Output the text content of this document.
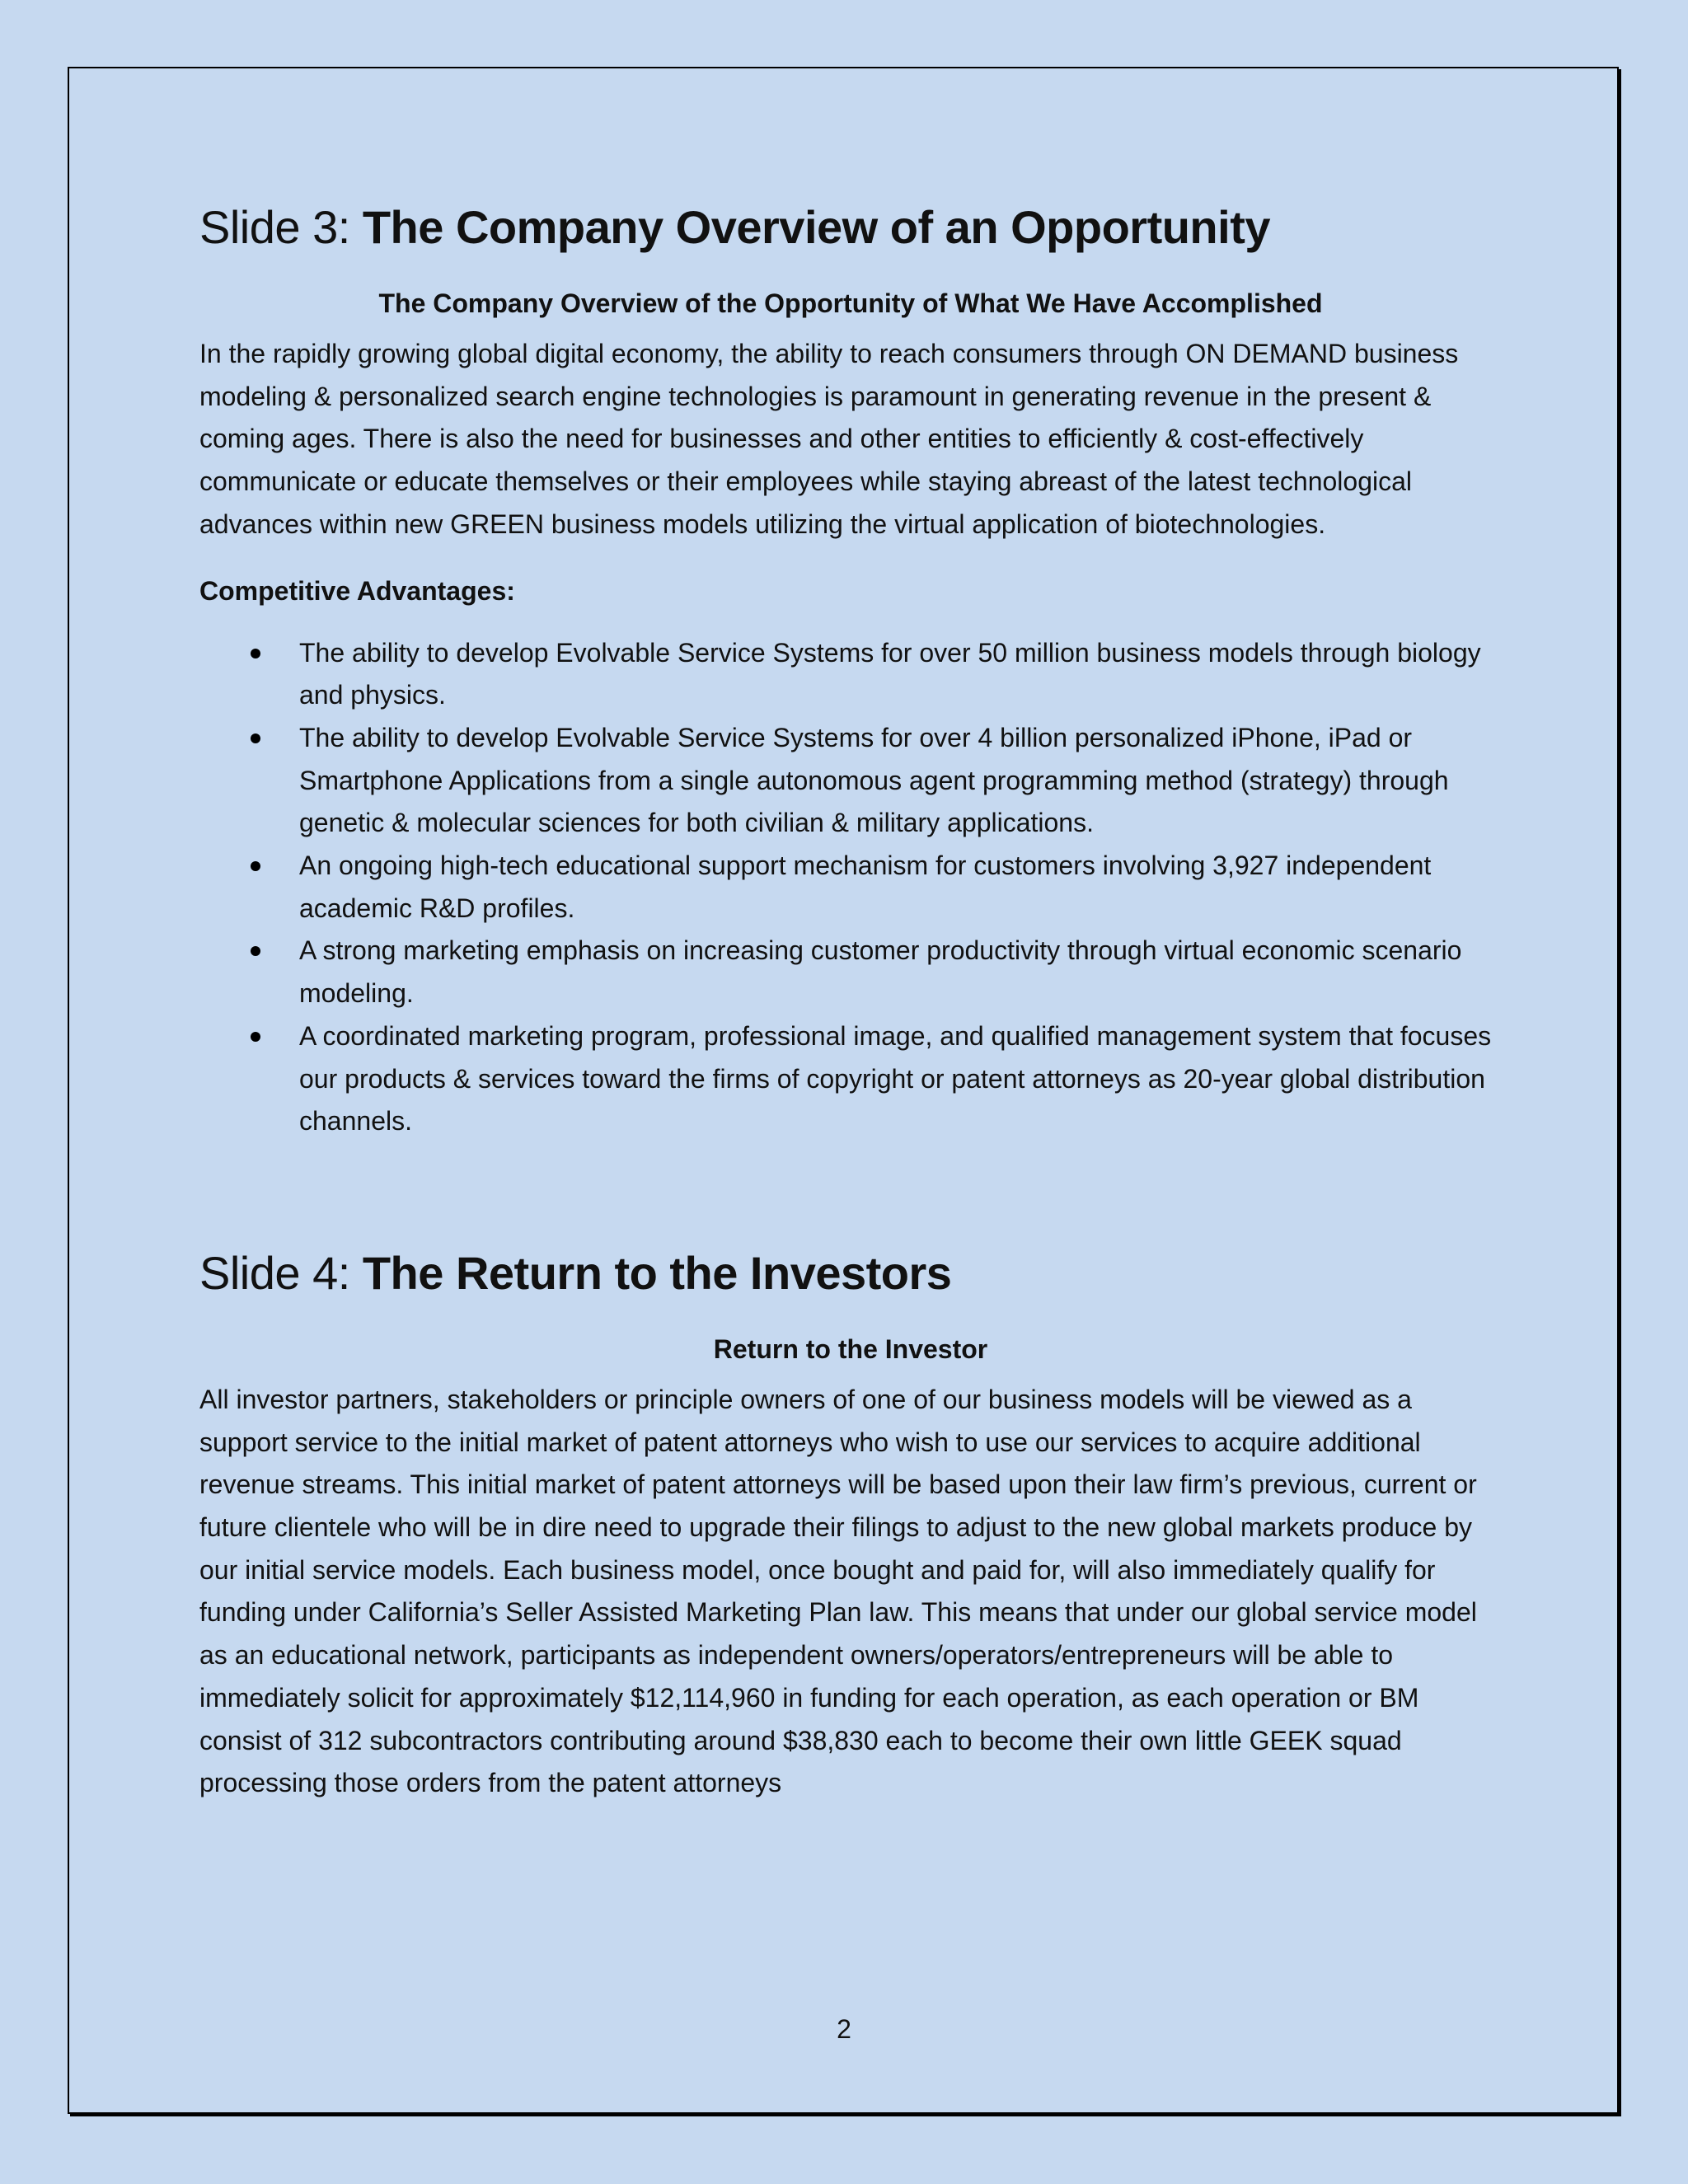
Slide 3: The Company Overview of an Opportunity
The Company Overview of the Opportunity of What We Have Accomplished

In the rapidly growing global digital economy, the ability to reach consumers through ON DEMAND business modeling & personalized search engine technologies is paramount in generating revenue in the present & coming ages. There is also the need for businesses and other entities to efficiently & cost-effectively communicate or educate themselves or their employees while staying abreast of the latest technological advances within new GREEN business models utilizing the virtual application of biotechnologies.

Competitive Advantages:
The ability to develop Evolvable Service Systems for over 50 million business models through biology and physics.
The ability to develop Evolvable Service Systems for over 4 billion personalized iPhone, iPad or Smartphone Applications from a single autonomous agent programming method (strategy) through genetic & molecular sciences for both civilian & military applications.
An ongoing high-tech educational support mechanism for customers involving 3,927 independent academic R&D profiles.
A strong marketing emphasis on increasing customer productivity through virtual economic scenario modeling.
A coordinated marketing program, professional image, and qualified management system that focuses our products & services toward the firms of copyright or patent attorneys as 20-year global distribution channels.
Slide 4: The Return to the Investors
Return to the Investor

All investor partners, stakeholders or principle owners of one of our business models will be viewed as a support service to the initial market of patent attorneys who wish to use our services to acquire additional revenue streams. This initial market of patent attorneys will be based upon their law firm’s previous, current or future clientele who will be in dire need to upgrade their filings to adjust to the new global markets produce by our initial service models. Each business model, once bought and paid for, will also immediately qualify for funding under California’s Seller Assisted Marketing Plan law. This means that under our global service model as an educational network, participants as independent owners/operators/entrepreneurs will be able to immediately solicit for approximately $12,114,960 in funding for each operation, as each operation or BM consist of 312 subcontractors contributing around $38,830 each to become their own little GEEK squad processing those orders from the patent attorneys

2
